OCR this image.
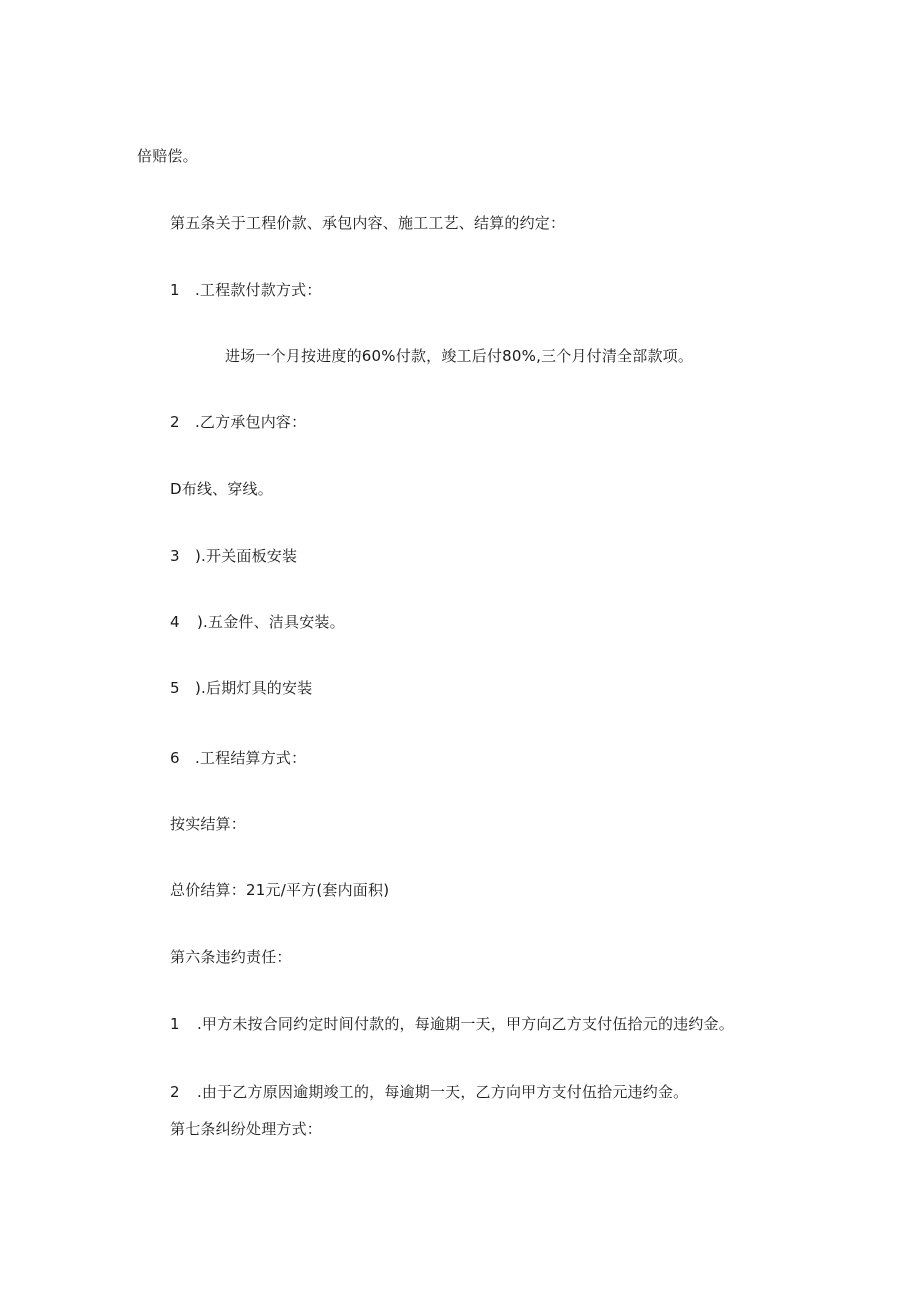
倍赔偿。
第五条关于工程价款、承包内容、施工工艺、结算的约定：
1 .工程款付款方式：
进场一个月按进度的60%付款，竣工后付80%,三个月付清全部款项。
2 .乙方承包内容：
D布线、穿线。
3 ).开关面板安装
4 ).五金件、洁具安装。
5 ).后期灯具的安装
6 .工程结算方式：
按实结算：
总价结算：21元/平方(套内面积)
第六条违约责任：
1 .甲方未按合同约定时间付款的，每逾期一天，甲方向乙方支付伍拾元的违约金。
2 .由于乙方原因逾期竣工的，每逾期一天，乙方向甲方支付伍拾元违约金。
第七条纠纷处理方式：
